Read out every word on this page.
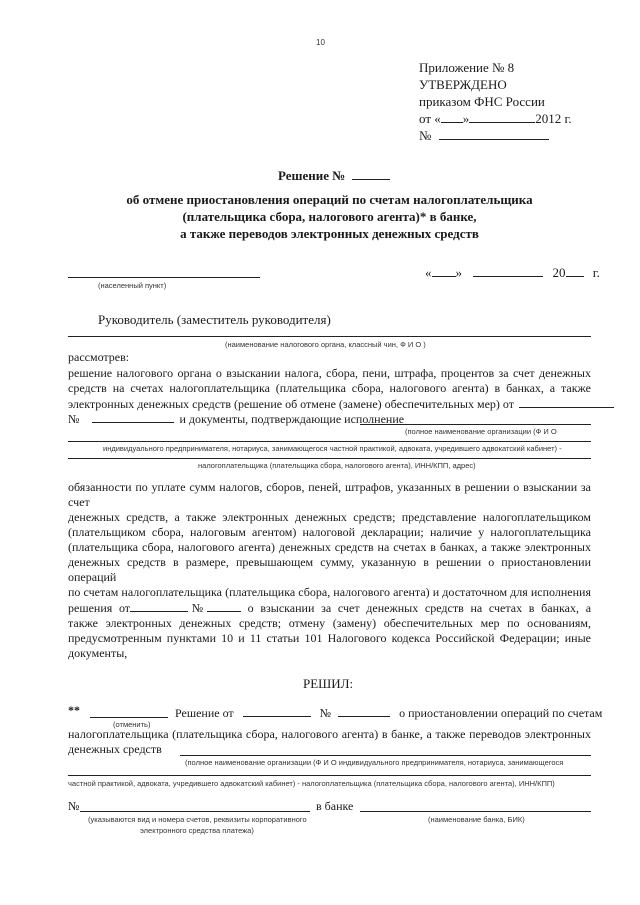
10
Приложение № 8
УТВЕРЖДЕНО
приказом ФНС России
от « »	2012 г.
№
Решение №
об отмене приостановления операций по счетам налогоплательщика
(плательщика сбора, налогового агента)* в банке,
а также переводов электронных денежных средств
(населенный пункт)
« »	20 г.
Руководитель (заместитель руководителя)
(наименование налогового органа, классный чин, Ф И О )
рассмотрев:
решение налогового органа о взыскании налога, сбора, пени, штрафа, процентов за счет денежных
средств на счетах налогоплательщика (плательщика сбора, налогового агента) в банках, а также
электронных денежных средств (решение об отмене (замене) обеспечительных мер) от
№	и документы, подтверждающие исполнение
(полное наименование организации (Ф И О
индивидуального предпринимателя, нотариуса, занимающегося частной практикой, адвоката, учредившего адвокатский кабинет) -
налогоплательщика (плательщика сбора, налогового агента), ИНН/КПП, адрес)
обязанности по уплате сумм налогов, сборов, пеней, штрафов, указанных в решении о взыскании за счет
денежных средств, а также электронных денежных средств; представление налогоплательщиком
(плательщиком сбора, налоговым агентом) налоговой декларации; наличие у налогоплательщика
(плательщика сбора, налогового агента) денежных средств на счетах в банках, а также электронных
денежных средств в размере, превышающем сумму, указанную в решении о приостановлении операций
по счетам налогоплательщика (плательщика сбора, налогового агента) и достаточном для исполнения
решения от	№	о взыскании за счет денежных средств на счетах в банках, а
также электронных денежных средств; отмену (замену) обеспечительных мер по основаниям,
предусмотренным пунктами 10 и 11 статьи 101 Налогового кодекса Российской Федерации; иные
документы,
РЕШИЛ:
**
(отменить)
Решение от	№	о приостановлении операций по счетам
налогоплательщика (плательщика сбора, налогового агента) в банке, а также переводов электронных
денежных средств
(полное наименование организации (Ф И О индивидуального предпринимателя, нотариуса, занимающегося
частной практикой, адвоката, учредившего адвокатский кабинет) - налогоплательщика (плательщика сбора, налогового агента), ИНН/КПП)
№	в банке
(указываются вид и номера счетов, реквизиты корпоративного
электронного средства платежа)
(наименование банка, БИК)
